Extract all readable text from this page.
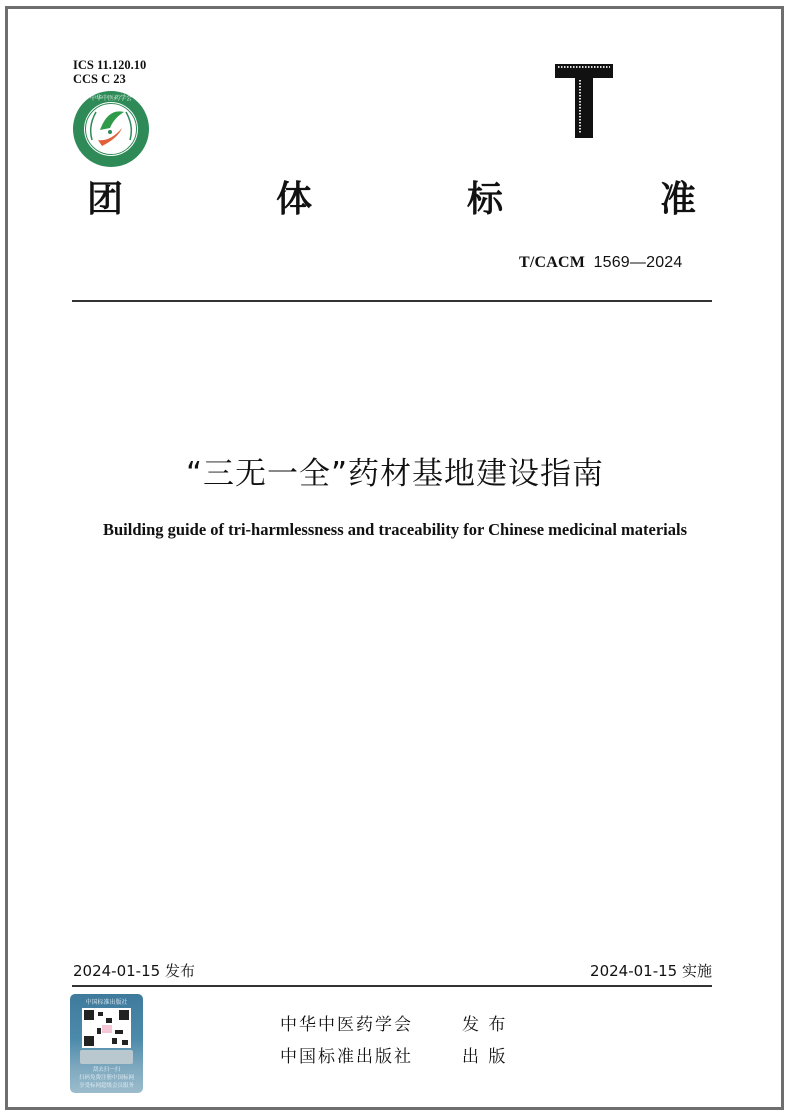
ICS 11.120.10
CCS C 23
中华中医药学会
团	体	标	准
T/CACM 1569—2024
“三无一全”药材基地建设指南
Building guide of tri-harmlessness and traceability for Chinese medicinal materials
2024-01-15 发布	2024-01-15 实施
中国标准出版社
刮去扫一扫
扫码免费注册中国标网
享受标网超级会员服务
中华中医药学会	发 布
中国标准出版社	出 版
